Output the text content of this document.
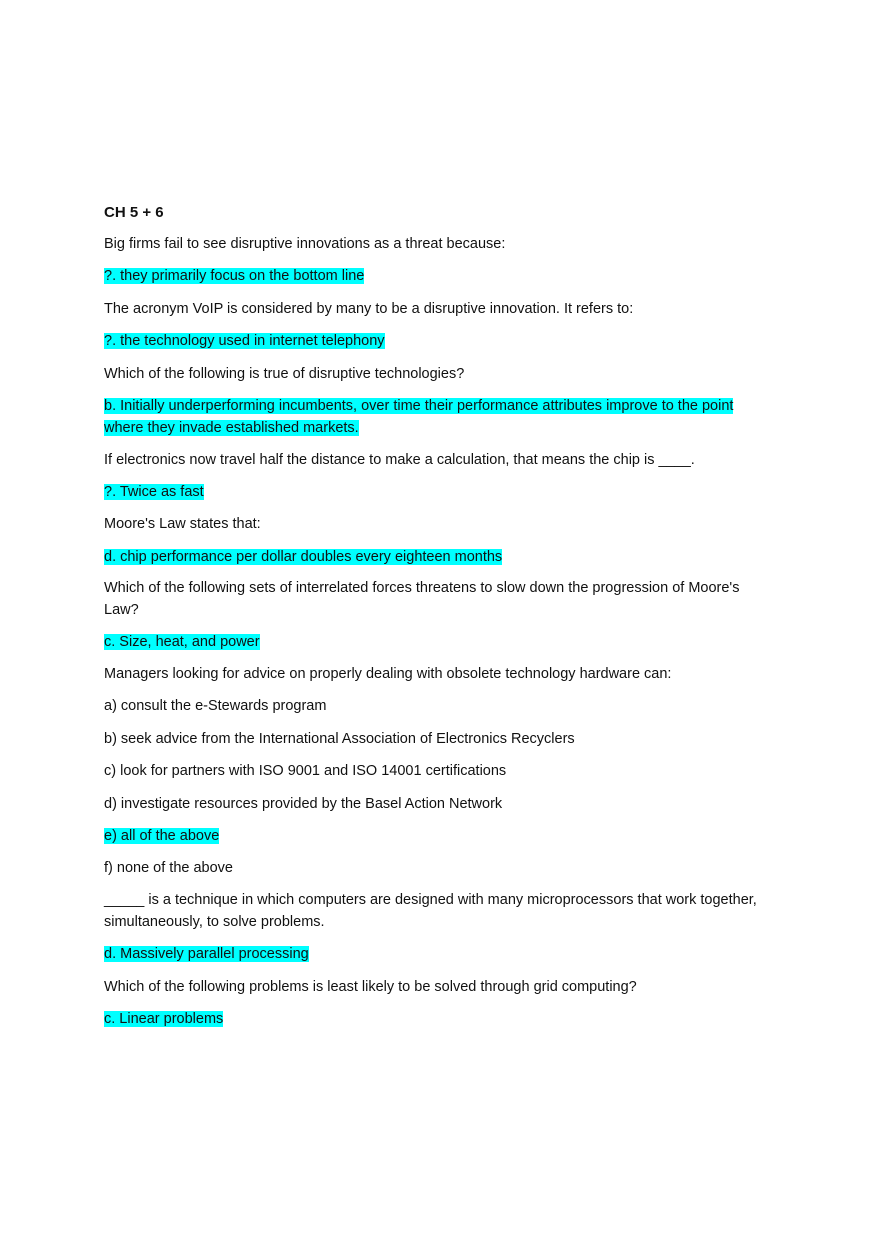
CH 5 + 6
Big firms fail to see disruptive innovations as a threat because:
?. they primarily focus on the bottom line
The acronym VoIP is considered by many to be a disruptive innovation. It refers to:
?. the technology used in internet telephony
Which of the following is true of disruptive technologies?
b. Initially underperforming incumbents, over time their performance attributes improve to the point where they invade established markets.
If electronics now travel half the distance to make a calculation, that means the chip is ____.
?. Twice as fast
Moore's Law states that:
d. chip performance per dollar doubles every eighteen months
Which of the following sets of interrelated forces threatens to slow down the progression of Moore's Law?
c. Size, heat, and power
Managers looking for advice on properly dealing with obsolete technology hardware can:
a) consult the e-Stewards program
b) seek advice from the International Association of Electronics Recyclers
c) look for partners with ISO 9001 and ISO 14001 certifications
d) investigate resources provided by the Basel Action Network
e) all of the above
f) none of the above
_____ is a technique in which computers are designed with many microprocessors that work together, simultaneously, to solve problems.
d. Massively parallel processing
Which of the following problems is least likely to be solved through grid computing?
c. Linear problems
